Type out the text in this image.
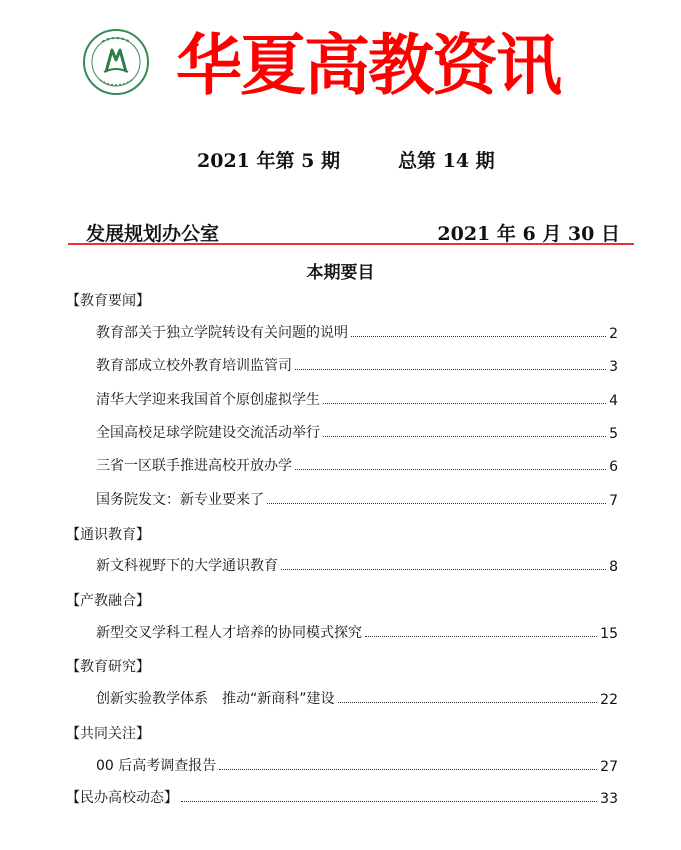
华夏高教资讯
2021 年第 5 期	总第 14 期
发展规划办公室	2021 年 6 月 30 日
本期要目
【教育要闻】
教育部关于独立学院转设有关问题的说明	2
教育部成立校外教育培训监管司	3
清华大学迎来我国首个原创虚拟学生	4
全国高校足球学院建设交流活动举行	5
三省一区联手推进高校开放办学	6
国务院发文：新专业要来了	7
【通识教育】
新文科视野下的大学通识教育	8
【产教融合】
新型交叉学科工程人才培养的协同模式探究	15
【教育研究】
创新实验教学体系　推动“新商科”建设	22
【共同关注】
00 后高考调查报告	27
【民办高校动态】	33
